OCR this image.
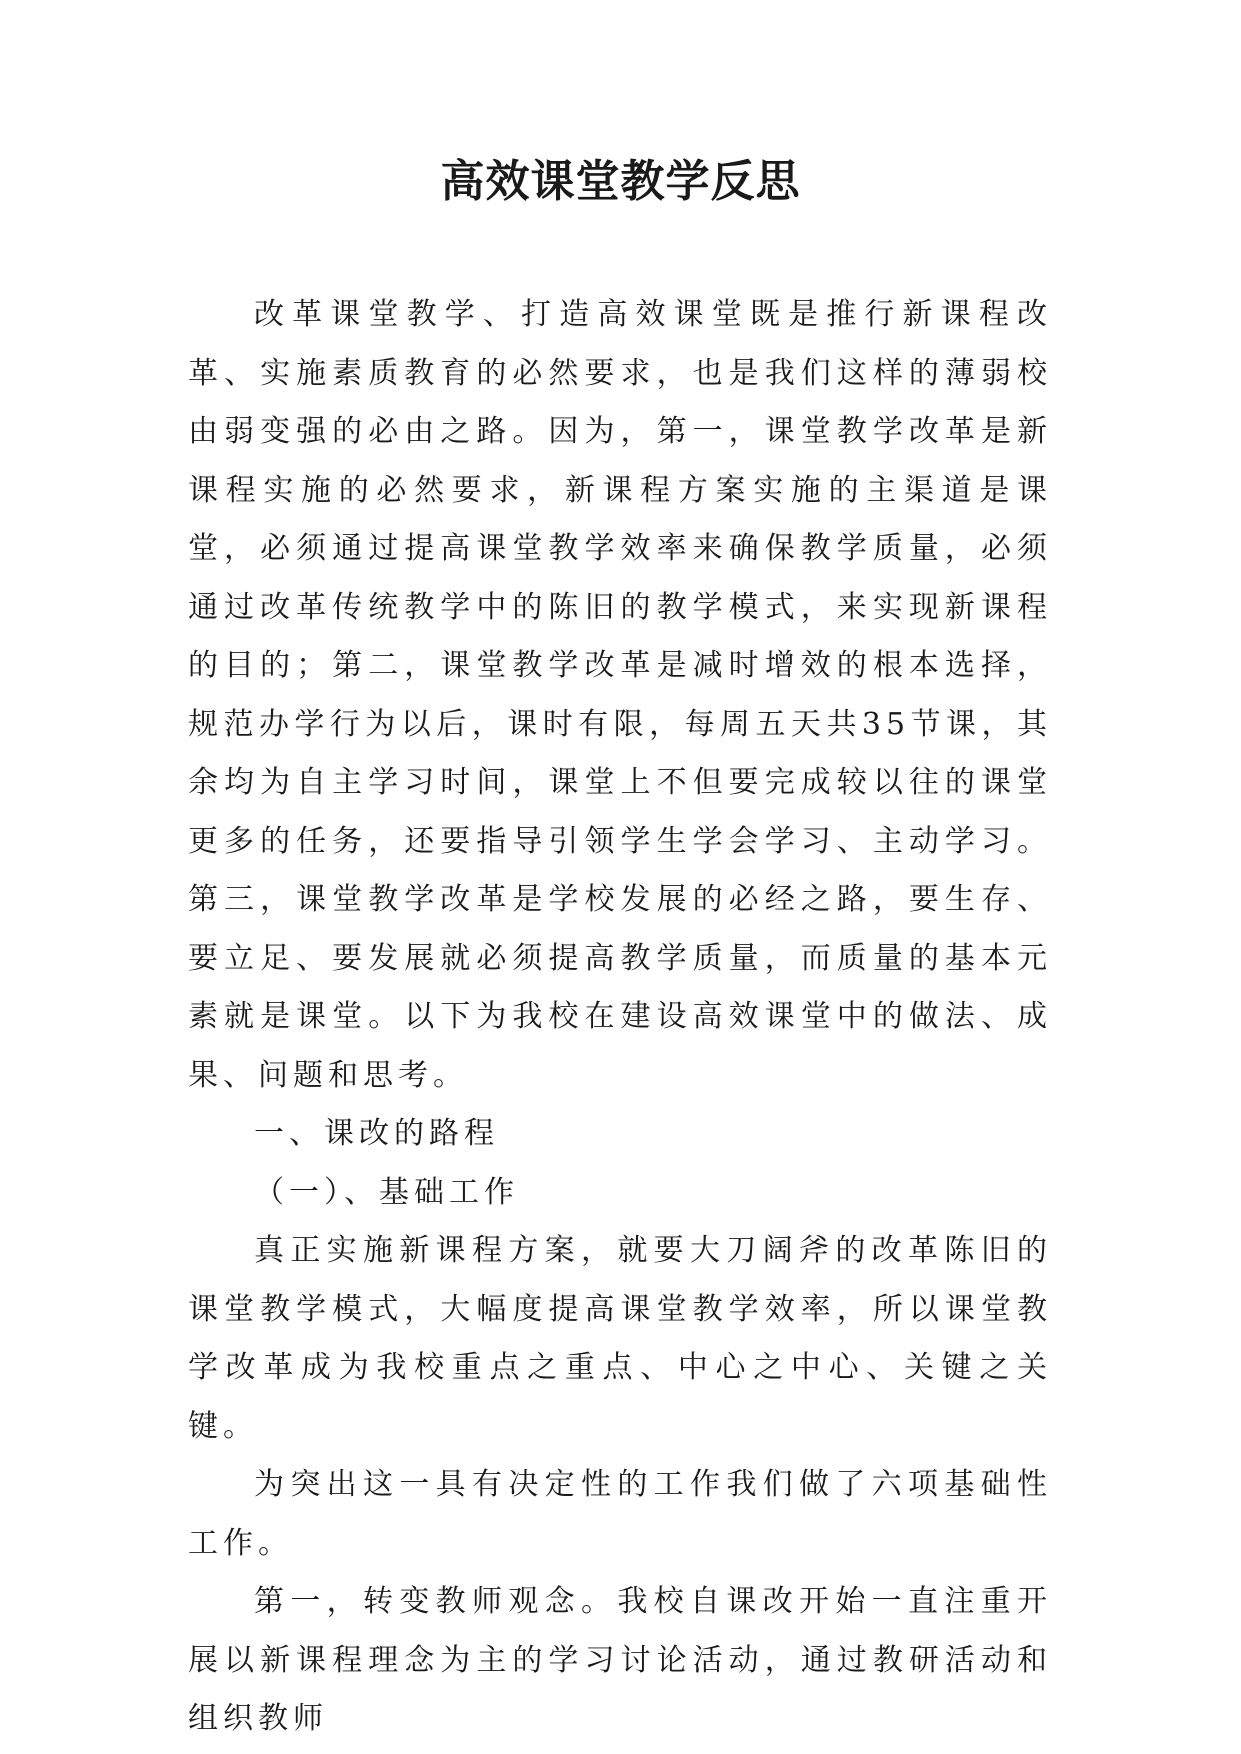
高效课堂教学反思

改革课堂教学、打造高效课堂既是推行新课程改革、实施素质教育的必然要求，也是我们这样的薄弱校由弱变强的必由之路。因为，第一，课堂教学改革是新课程实施的必然要求，新课程方案实施的主渠道是课堂，必须通过提高课堂教学效率来确保教学质量，必须通过改革传统教学中的陈旧的教学模式，来实现新课程的目的；第二，课堂教学改革是减时增效的根本选择，规范办学行为以后，课时有限，每周五天共35节课，其余均为自主学习时间，课堂上不但要完成较以往的课堂更多的任务，还要指导引领学生学会学习、主动学习。第三，课堂教学改革是学校发展的必经之路，要生存、要立足、要发展就必须提高教学质量，而质量的基本元素就是课堂。以下为我校在建设高效课堂中的做法、成果、问题和思考。

一、课改的路程

（一）、基础工作

真正实施新课程方案，就要大刀阔斧的改革陈旧的课堂教学模式，大幅度提高课堂教学效率，所以课堂教学改革成为我校重点之重点、中心之中心、关键之关键。

为突出这一具有决定性的工作我们做了六项基础性工作。

第一，转变教师观念。我校自课改开始一直注重开展以新课程理念为主的学习讨论活动，通过教研活动和组织教师
